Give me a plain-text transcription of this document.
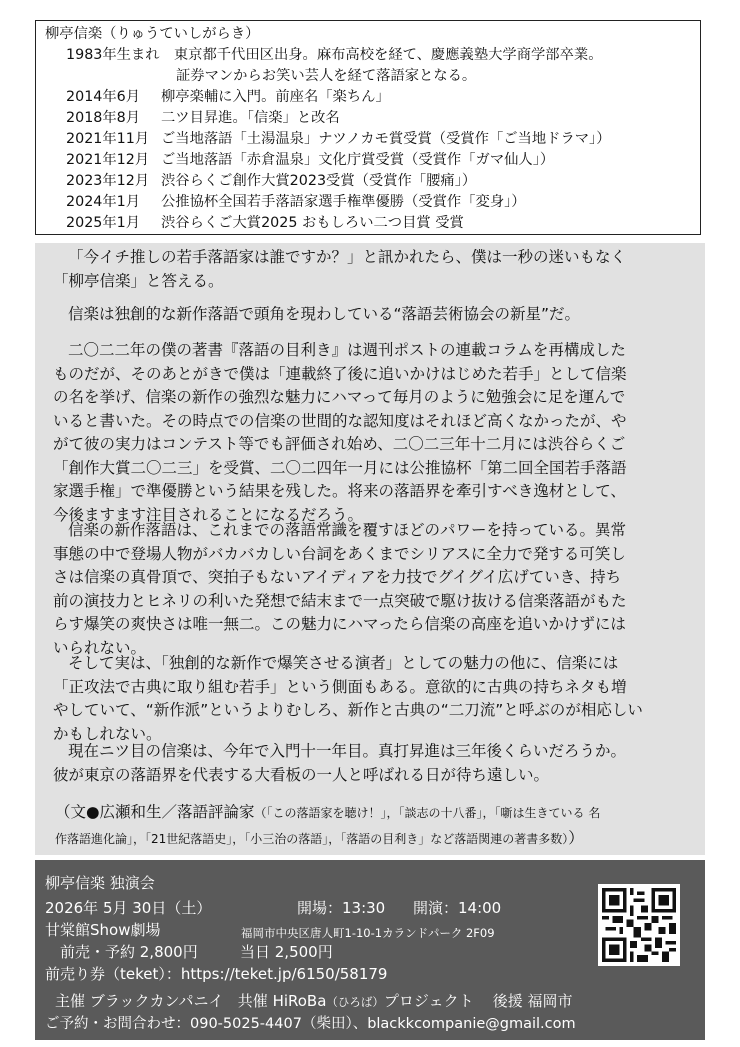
柳亭信楽（りゅうていしがらき）
1983年生まれ　東京都千代田区出身。麻布高校を経て、慶應義塾大学商学部卒業。
証券マンからお笑い芸人を経て落語家となる。
2014年6月 柳亭楽輔に入門。前座名「楽ちん」
2018年8月 二ツ目昇進。「信楽」と改名
2021年11月 ご当地落語「土湯温泉」ナツノカモ賞受賞（受賞作「ご当地ドラマ」）
2021年12月 ご当地落語「赤倉温泉」文化庁賞受賞（受賞作「ガマ仙人」）
2023年12月 渋谷らくご創作大賞2023受賞（受賞作「腰痛」）
2024年1月 公推協杯全国若手落語家選手権準優勝（受賞作「変身」）
2025年1月 渋谷らくご大賞2025 おもしろい二つ目賞 受賞

「今イチ推しの若手落語家は誰ですか？」と訊かれたら、僕は一秒の迷いもなく
「柳亭信楽」と答える。

信楽は独創的な新作落語で頭角を現わしている“落語芸術協会の新星”だ。

二〇二二年の僕の著書『落語の目利き』は週刊ポストの連載コラムを再構成した
ものだが、そのあとがきで僕は「連載終了後に追いかけはじめた若手」として信楽
の名を挙げ、信楽の新作の強烈な魅力にハマって毎月のように勉強会に足を運んで
いると書いた。その時点での信楽の世間的な認知度はそれほど高くなかったが、や
がて彼の実力はコンテスト等でも評価され始め、二〇二三年十二月には渋谷らくご
「創作大賞二〇二三」を受賞、二〇二四年一月には公推協杯「第二回全国若手落語
家選手権」で準優勝という結果を残した。将来の落語界を牽引すべき逸材として、
今後ますます注目されることになるだろう。

信楽の新作落語は、これまでの落語常識を覆すほどのパワーを持っている。異常
事態の中で登場人物がバカバカしい台詞をあくまでシリアスに全力で発する可笑し
さは信楽の真骨頂で、突拍子もないアイディアを力技でグイグイ広げていき、持ち
前の演技力とヒネリの利いた発想で結末まで一点突破で駆け抜ける信楽落語がもた
らす爆笑の爽快さは唯一無二。この魅力にハマったら信楽の高座を追いかけずには
いられない。

そして実は、「独創的な新作で爆笑させる演者」としての魅力の他に、信楽には
「正攻法で古典に取り組む若手」という側面もある。意欲的に古典の持ちネタも増
やしていて、“新作派”というよりむしろ、新作と古典の“二刀流”と呼ぶのが相応しい
かもしれない。

現在ニツ目の信楽は、今年で入門十一年目。真打昇進は三年後くらいだろうか。
彼が東京の落語界を代表する大看板の一人と呼ばれる日が待ち遠しい。

（文●広瀬和生／落語評論家（「この落語家を聴け！」，「談志の十八番」，「噺は生きている 名

作落語進化論」，「21世紀落語史」，「小三治の落語」，「落語の目利き」など落語関連の著書多数））

柳亭信楽 独演会
2026年 5月 30日（土）	開場：13:30 開演：14:00
甘棠館Show劇場	福岡市中央区唐人町1-10-1カランドパーク 2F09
前売・予約 2,800円	当日 2,500円
前売り券（teket）：https://teket.jp/6150/58179
主催 ブラックカンパニイ 共催 HiRoBa（ひろば）プロジェクト 後援 福岡市
ご予約・お問合わせ：090-5025-4407（柴田）、blackkcompanie@gmail.com
